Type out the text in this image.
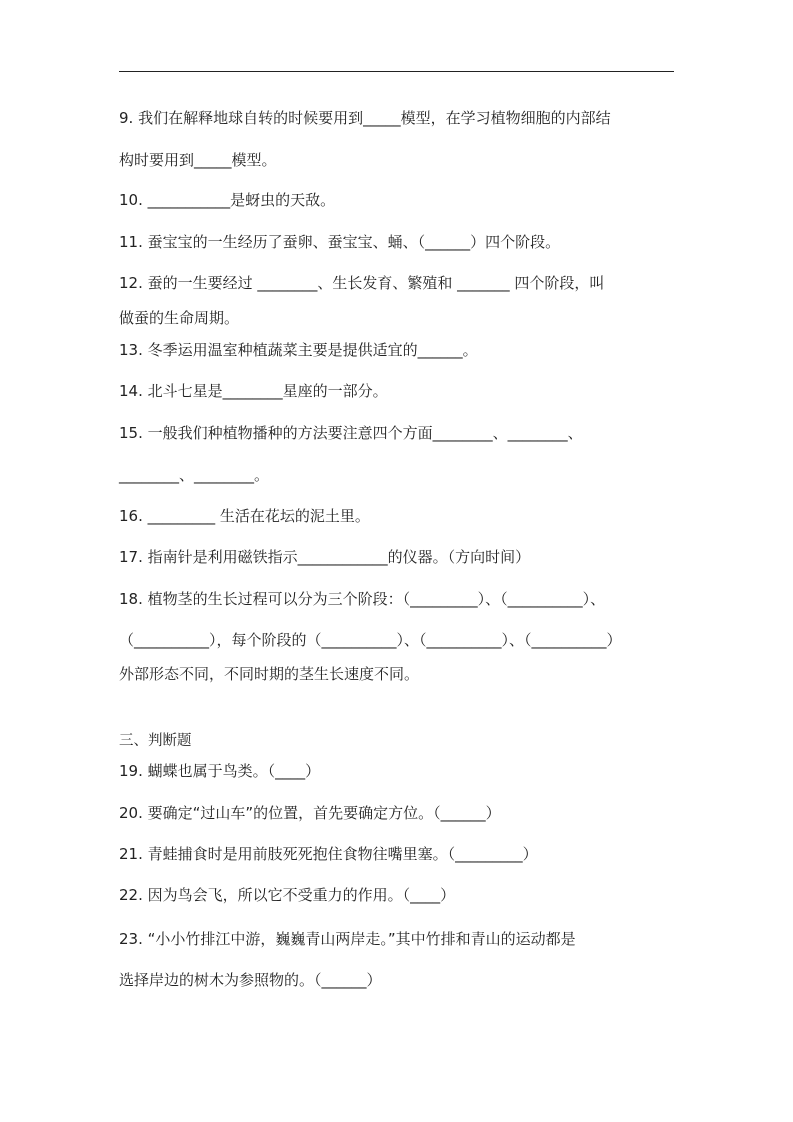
9. 我们在解释地球自转的时候要用到_____模型，在学习植物细胞的内部结
构时要用到_____模型。
10. ___________是蚜虫的天敌。
11. 蚕宝宝的一生经历了蚕卵、蚕宝宝、蛹、（______）四个阶段。
12. 蚕的一生要经过 ________、生长发育、繁殖和 _______ 四个阶段，叫
做蚕的生命周期。
13. 冬季运用温室种植蔬菜主要是提供适宜的______。
14. 北斗七星是________星座的一部分。
15. 一般我们种植物播种的方法要注意四个方面________、________、
________、________。
16. _________ 生活在花坛的泥土里。
17. 指南针是利用磁铁指示____________的仪器。（方向时间）
18. 植物茎的生长过程可以分为三个阶段：（_________）、（__________）、
（__________），每个阶段的（__________）、（__________）、（__________）
外部形态不同，不同时期的茎生长速度不同。
三、判断题
19. 蝴蝶也属于鸟类。（____）
20. 要确定“过山车”的位置，首先要确定方位。（______）
21. 青蛙捕食时是用前肢死死抱住食物往嘴里塞。（_________）
22. 因为鸟会飞，所以它不受重力的作用。（____）
23. “小小竹排江中游，巍巍青山两岸走。”其中竹排和青山的运动都是
选择岸边的树木为参照物的。（______）
